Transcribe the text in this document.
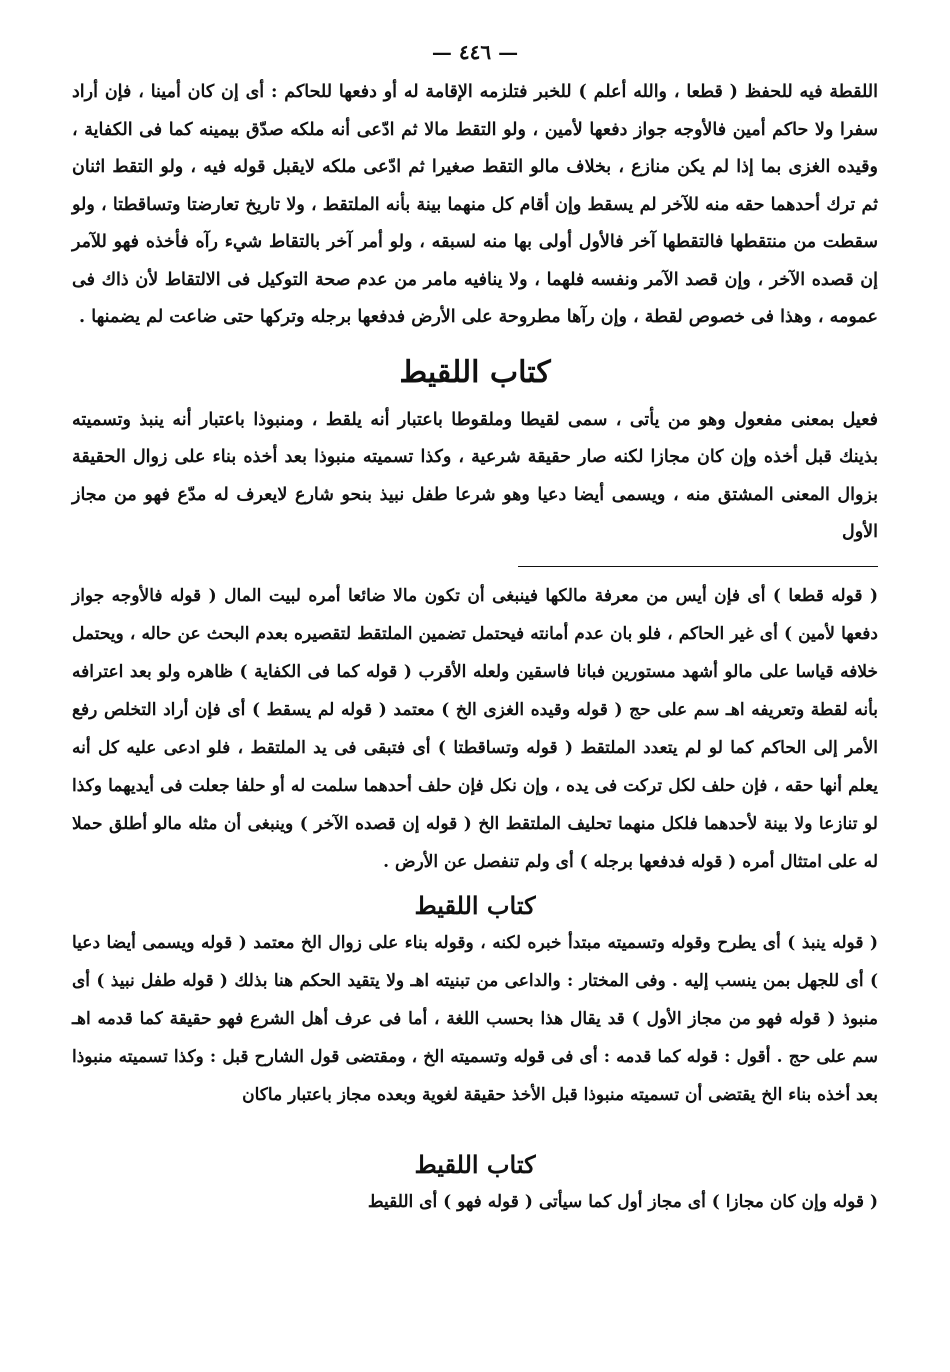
— ٤٤٦ —

اللقطة فيه للحفظ ( قطعا ، والله أعلم ) للخبر فتلزمه الإقامة له أو دفعها للحاكم : أى إن كان أمينا ، فإن أراد سفرا ولا حاكم أمين فالأوجه جواز دفعها لأمين ، ولو التقط مالا ثم ادّعى أنه ملكه صدّق بيمينه كما فى الكفاية ، وقيده الغزى بما إذا لم يكن منازع ، بخلاف مالو التقط صغيرا ثم ادّعى ملكه لايقبل قوله فيه ، ولو التقط اثنان ثم ترك أحدهما حقه منه للآخر لم يسقط وإن أقام كل منهما بينة بأنه الملتقط ، ولا تاريخ تعارضتا وتساقطتا ، ولو سقطت من منتقطها فالتقطها آخر فالأول أولى بها منه لسبقه ، ولو أمر آخر بالتقاط شيء رآه فأخذه فهو للآمر إن قصده الآخر ، وإن قصد الآمر ونفسه فلهما ، ولا ينافيه مامر من عدم صحة التوكيل فى الالتقاط لأن ذاك فى عمومه ، وهذا فى خصوص لقطة ، وإن رآها مطروحة على الأرض فدفعها برجله وتركها حتى ضاعت لم يضمنها .

كتاب اللقيط

فعيل بمعنى مفعول وهو من يأتى ، سمى لقيطا وملقوطا باعتبار أنه يلقط ، ومنبوذا باعتبار أنه ينبذ وتسميته بذينك قبل أخذه وإن كان مجازا لكنه صار حقيقة شرعية ، وكذا تسميته منبوذا بعد أخذه بناء على زوال الحقيقة بزوال المعنى المشتق منه ، ويسمى أيضا دعيا وهو شرعا طفل نبيذ بنحو شارع لايعرف له مدّع فهو من مجاز الأول

( قوله قطعا ) أى فإن أيس من معرفة مالكها فينبغى أن تكون مالا ضائعا أمره لبيت المال ( قوله فالأوجه جواز دفعها لأمين ) أى غير الحاكم ، فلو بان عدم أمانته فيحتمل تضمين الملتقط لتقصيره بعدم البحث عن حاله ، ويحتمل خلافه قياسا على مالو أشهد مستورين فبانا فاسقين ولعله الأقرب ( قوله كما فى الكفاية ) ظاهره ولو بعد اعترافه بأنه لقطة وتعريفه اهـ سم على حج ( قوله وقيده الغزى الخ ) معتمد ( قوله لم يسقط ) أى فإن أراد التخلص رفع الأمر إلى الحاكم كما لو لم يتعدد الملتقط ( قوله وتساقطتا ) أى فتبقى فى يد الملتقط ، فلو ادعى عليه كل أنه يعلم أنها حقه ، فإن حلف لكل تركت فى يده ، وإن نكل فإن حلف أحدهما سلمت له أو حلفا جعلت فى أيديهما وكذا لو تنازعا ولا بينة لأحدهما فلكل منهما تحليف الملتقط الخ ( قوله إن قصده الآخر ) وينبغى أن مثله مالو أطلق حملا له على امتثال أمره ( قوله فدفعها برجله ) أى ولم تنفصل عن الأرض .

كتاب اللقيط

( قوله ينبذ ) أى يطرح وقوله وتسميته مبتدأ خبره لكنه ، وقوله بناء على زوال الخ معتمد ( قوله ويسمى أيضا دعيا ) أى للجهل بمن ينسب إليه . وفى المختار : والداعى من تبنيته اهـ ولا يتقيد الحكم هنا بذلك ( قوله طفل نبيذ ) أى منبوذ ( قوله فهو من مجاز الأول ) قد يقال هذا بحسب اللغة ، أما فى عرف أهل الشرع فهو حقيقة كما قدمه اهـ سم على حج . أقول : قوله كما قدمه : أى فى قوله وتسميته الخ ، ومقتضى قول الشارح قبل : وكذا تسميته منبوذا بعد أخذه بناء الخ يقتضى أن تسميته منبوذا قبل الأخذ حقيقة لغوية وبعده مجاز باعتبار ماكان

كتاب اللقيط

( قوله وإن كان مجازا ) أى مجاز أول كما سيأتى ( قوله فهو ) أى اللقيط
